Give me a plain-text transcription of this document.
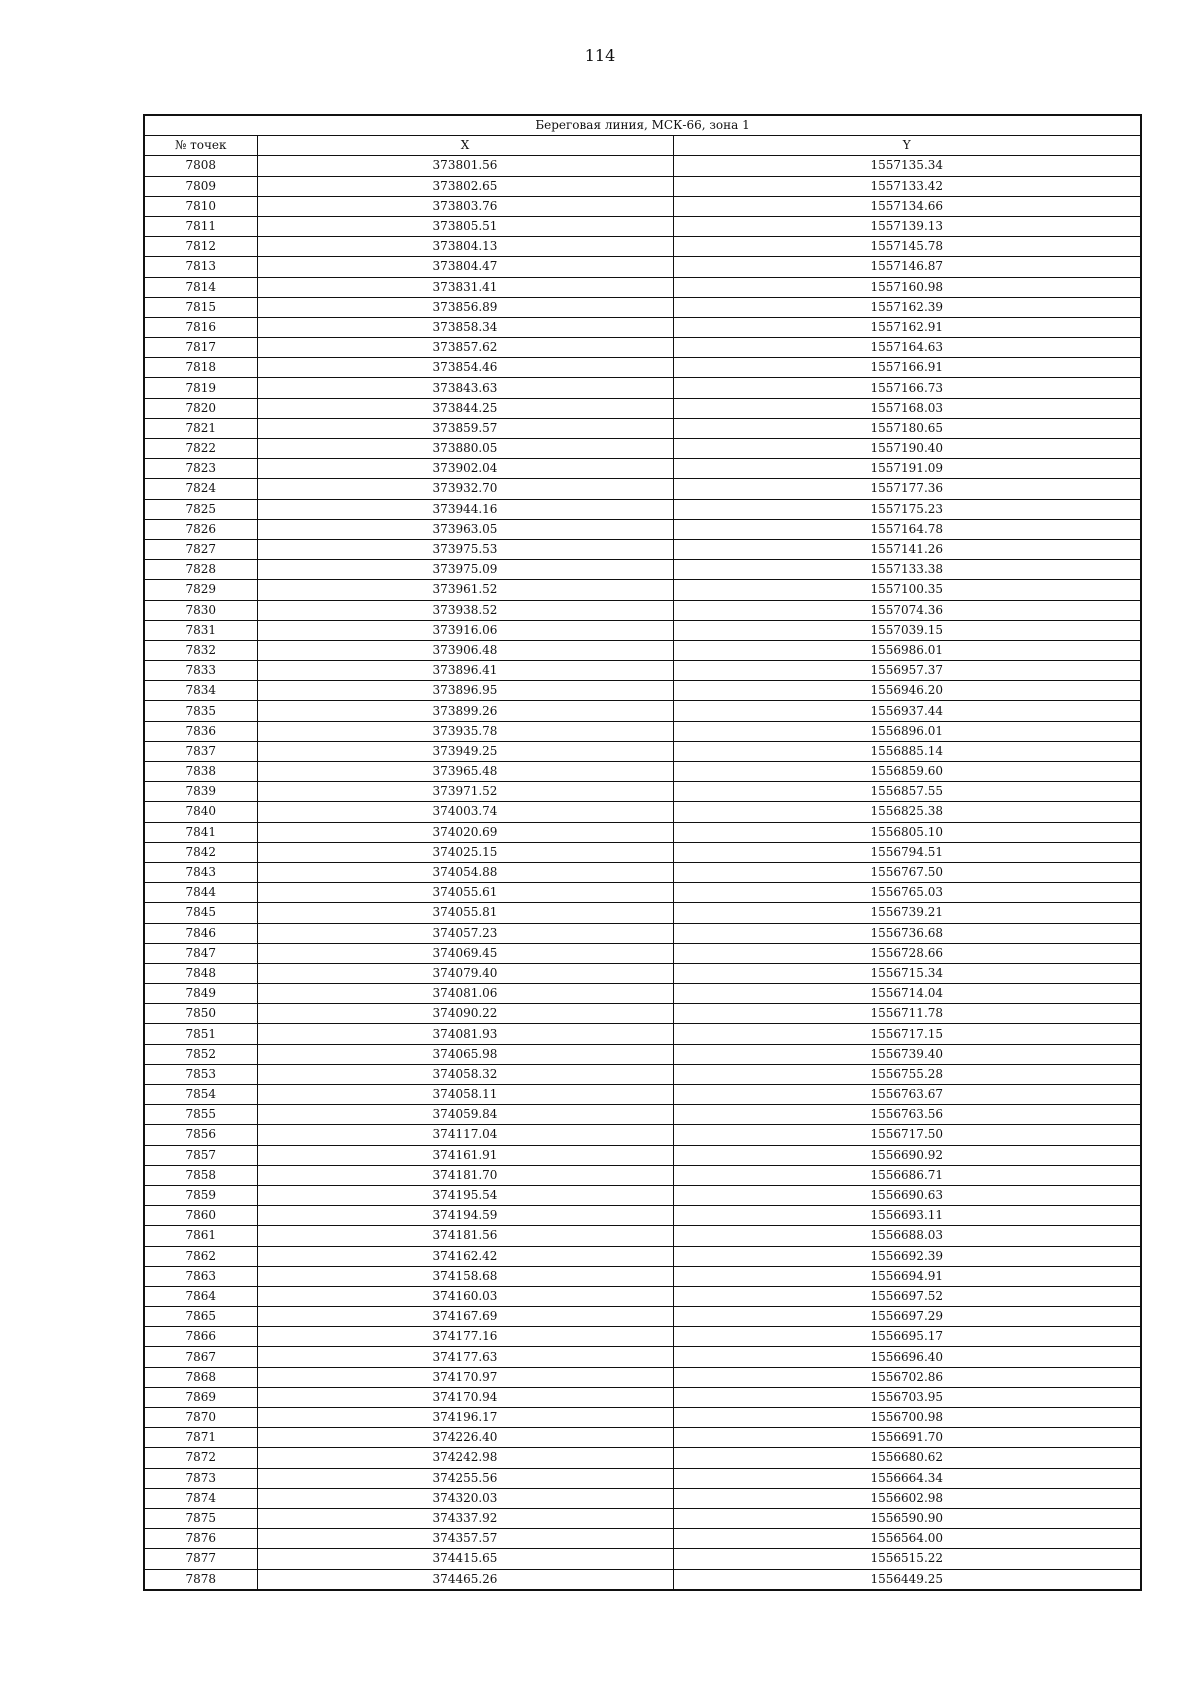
114
Береговая линия, МСК-66, зона 1		
№ точек	X	Y
7808	373801.56	1557135.34
7809	373802.65	1557133.42
7810	373803.76	1557134.66
7811	373805.51	1557139.13
7812	373804.13	1557145.78
7813	373804.47	1557146.87
7814	373831.41	1557160.98
7815	373856.89	1557162.39
7816	373858.34	1557162.91
7817	373857.62	1557164.63
7818	373854.46	1557166.91
7819	373843.63	1557166.73
7820	373844.25	1557168.03
7821	373859.57	1557180.65
7822	373880.05	1557190.40
7823	373902.04	1557191.09
7824	373932.70	1557177.36
7825	373944.16	1557175.23
7826	373963.05	1557164.78
7827	373975.53	1557141.26
7828	373975.09	1557133.38
7829	373961.52	1557100.35
7830	373938.52	1557074.36
7831	373916.06	1557039.15
7832	373906.48	1556986.01
7833	373896.41	1556957.37
7834	373896.95	1556946.20
7835	373899.26	1556937.44
7836	373935.78	1556896.01
7837	373949.25	1556885.14
7838	373965.48	1556859.60
7839	373971.52	1556857.55
7840	374003.74	1556825.38
7841	374020.69	1556805.10
7842	374025.15	1556794.51
7843	374054.88	1556767.50
7844	374055.61	1556765.03
7845	374055.81	1556739.21
7846	374057.23	1556736.68
7847	374069.45	1556728.66
7848	374079.40	1556715.34
7849	374081.06	1556714.04
7850	374090.22	1556711.78
7851	374081.93	1556717.15
7852	374065.98	1556739.40
7853	374058.32	1556755.28
7854	374058.11	1556763.67
7855	374059.84	1556763.56
7856	374117.04	1556717.50
7857	374161.91	1556690.92
7858	374181.70	1556686.71
7859	374195.54	1556690.63
7860	374194.59	1556693.11
7861	374181.56	1556688.03
7862	374162.42	1556692.39
7863	374158.68	1556694.91
7864	374160.03	1556697.52
7865	374167.69	1556697.29
7866	374177.16	1556695.17
7867	374177.63	1556696.40
7868	374170.97	1556702.86
7869	374170.94	1556703.95
7870	374196.17	1556700.98
7871	374226.40	1556691.70
7872	374242.98	1556680.62
7873	374255.56	1556664.34
7874	374320.03	1556602.98
7875	374337.92	1556590.90
7876	374357.57	1556564.00
7877	374415.65	1556515.22
7878	374465.26	1556449.25
